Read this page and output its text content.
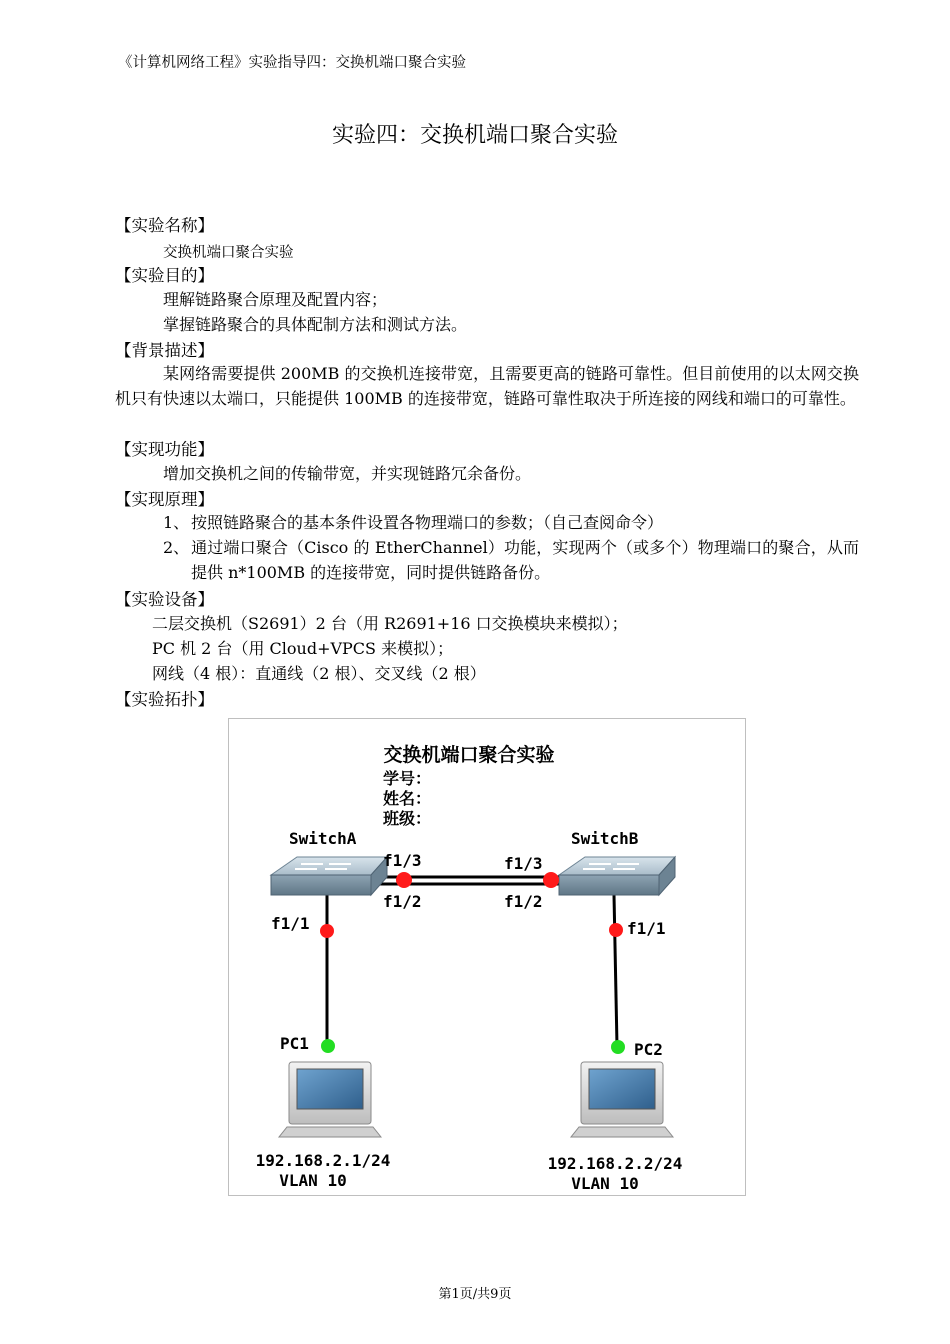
《计算机网络工程》实验指导四：交换机端口聚合实验
实验四：交换机端口聚合实验
【实验名称】
交换机端口聚合实验
【实验目的】
理解链路聚合原理及配置内容；
掌握链路聚合的具体配制方法和测试方法。
【背景描述】
某网络需要提供 200MB 的交换机连接带宽，且需要更高的链路可靠性。但目前使用的以太网交换机只有快速以太端口，只能提供 100MB 的连接带宽，链路可靠性取决于所连接的网线和端口的可靠性。
【实现功能】
增加交换机之间的传输带宽，并实现链路冗余备份。
【实现原理】
1、 按照链路聚合的基本条件设置各物理端口的参数；（自己查阅命令）
2、 通过端口聚合（Cisco 的 EtherChannel）功能，实现两个（或多个）物理端口的聚合，从而提供 n*100MB 的连接带宽，同时提供链路备份。
【实验设备】
二层交换机（S2691）2 台（用 R2691+16 口交换模块来模拟）；
PC 机 2 台（用 Cloud+VPCS 来模拟）；
网线（4 根）：直通线（2 根）、交叉线（2 根）
【实验拓扑】
交换机端口聚合实验
学号：
姓名：
班级：
SwitchA	SwitchB
f1/3
f1/2
f1/3
f1/2
f1/1	f1/1
PC1	PC2
192.168.2.1/24
VLAN 10
192.168.2.2/24
VLAN 10
第1页/共9页
